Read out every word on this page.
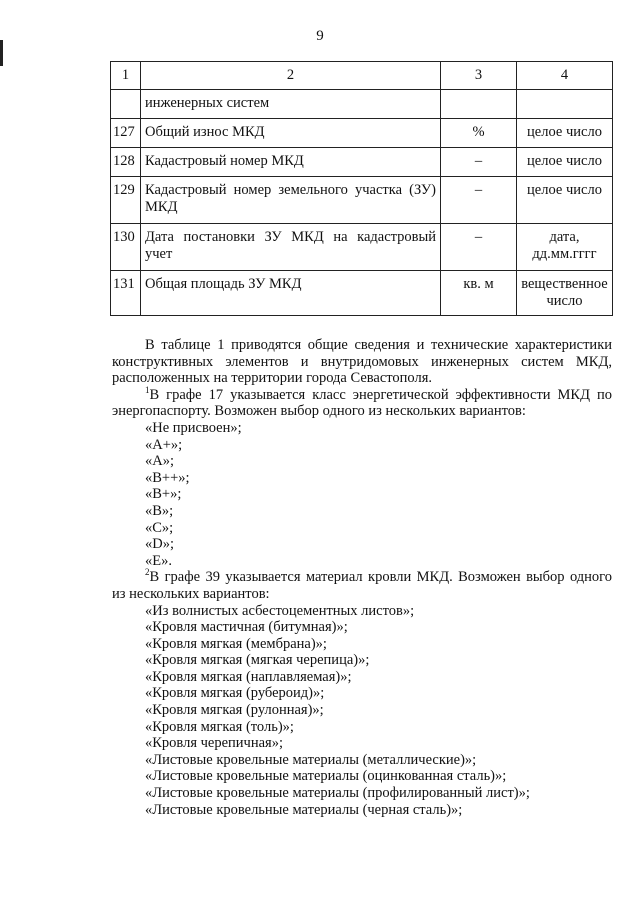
9
1	2	3	4
	инженерных систем		
127	Общий износ МКД	%	целое число
128	Кадастровый номер МКД	–	целое число
129	Кадастровый номер земельного участка (ЗУ) МКД	–	целое число
130	Дата постановки ЗУ МКД на кадастровый учет	–	дата, дд.мм.гггг
131	Общая площадь ЗУ МКД	кв. м	вещественное число

В таблице 1 приводятся общие сведения и технические характеристики конструктивных элементов и внутридомовых инженерных систем МКД, расположенных на территории города Севастополя.

$^1$В графе 17 указывается класс энергетической эффективности МКД по энергопаспорту. Возможен выбор одного из нескольких вариантов:

«Не присвоен»;

«А+»;

«А»;

«В++»;

«В+»;

«В»;

«С»;

«D»;

«Е».

$^2$В графе 39 указывается материал кровли МКД. Возможен выбор одного из нескольких вариантов:

«Из волнистых асбестоцементных листов»;

«Кровля мастичная (битумная)»;

«Кровля мягкая (мембрана)»;

«Кровля мягкая (мягкая черепица)»;

«Кровля мягкая (наплавляемая)»;

«Кровля мягкая (рубероид)»;

«Кровля мягкая (рулонная)»;

«Кровля мягкая (толь)»;

«Кровля черепичная»;

«Листовые кровельные материалы (металлические)»;

«Листовые кровельные материалы (оцинкованная сталь)»;

«Листовые кровельные материалы (профилированный лист)»;

«Листовые кровельные материалы (черная сталь)»;
